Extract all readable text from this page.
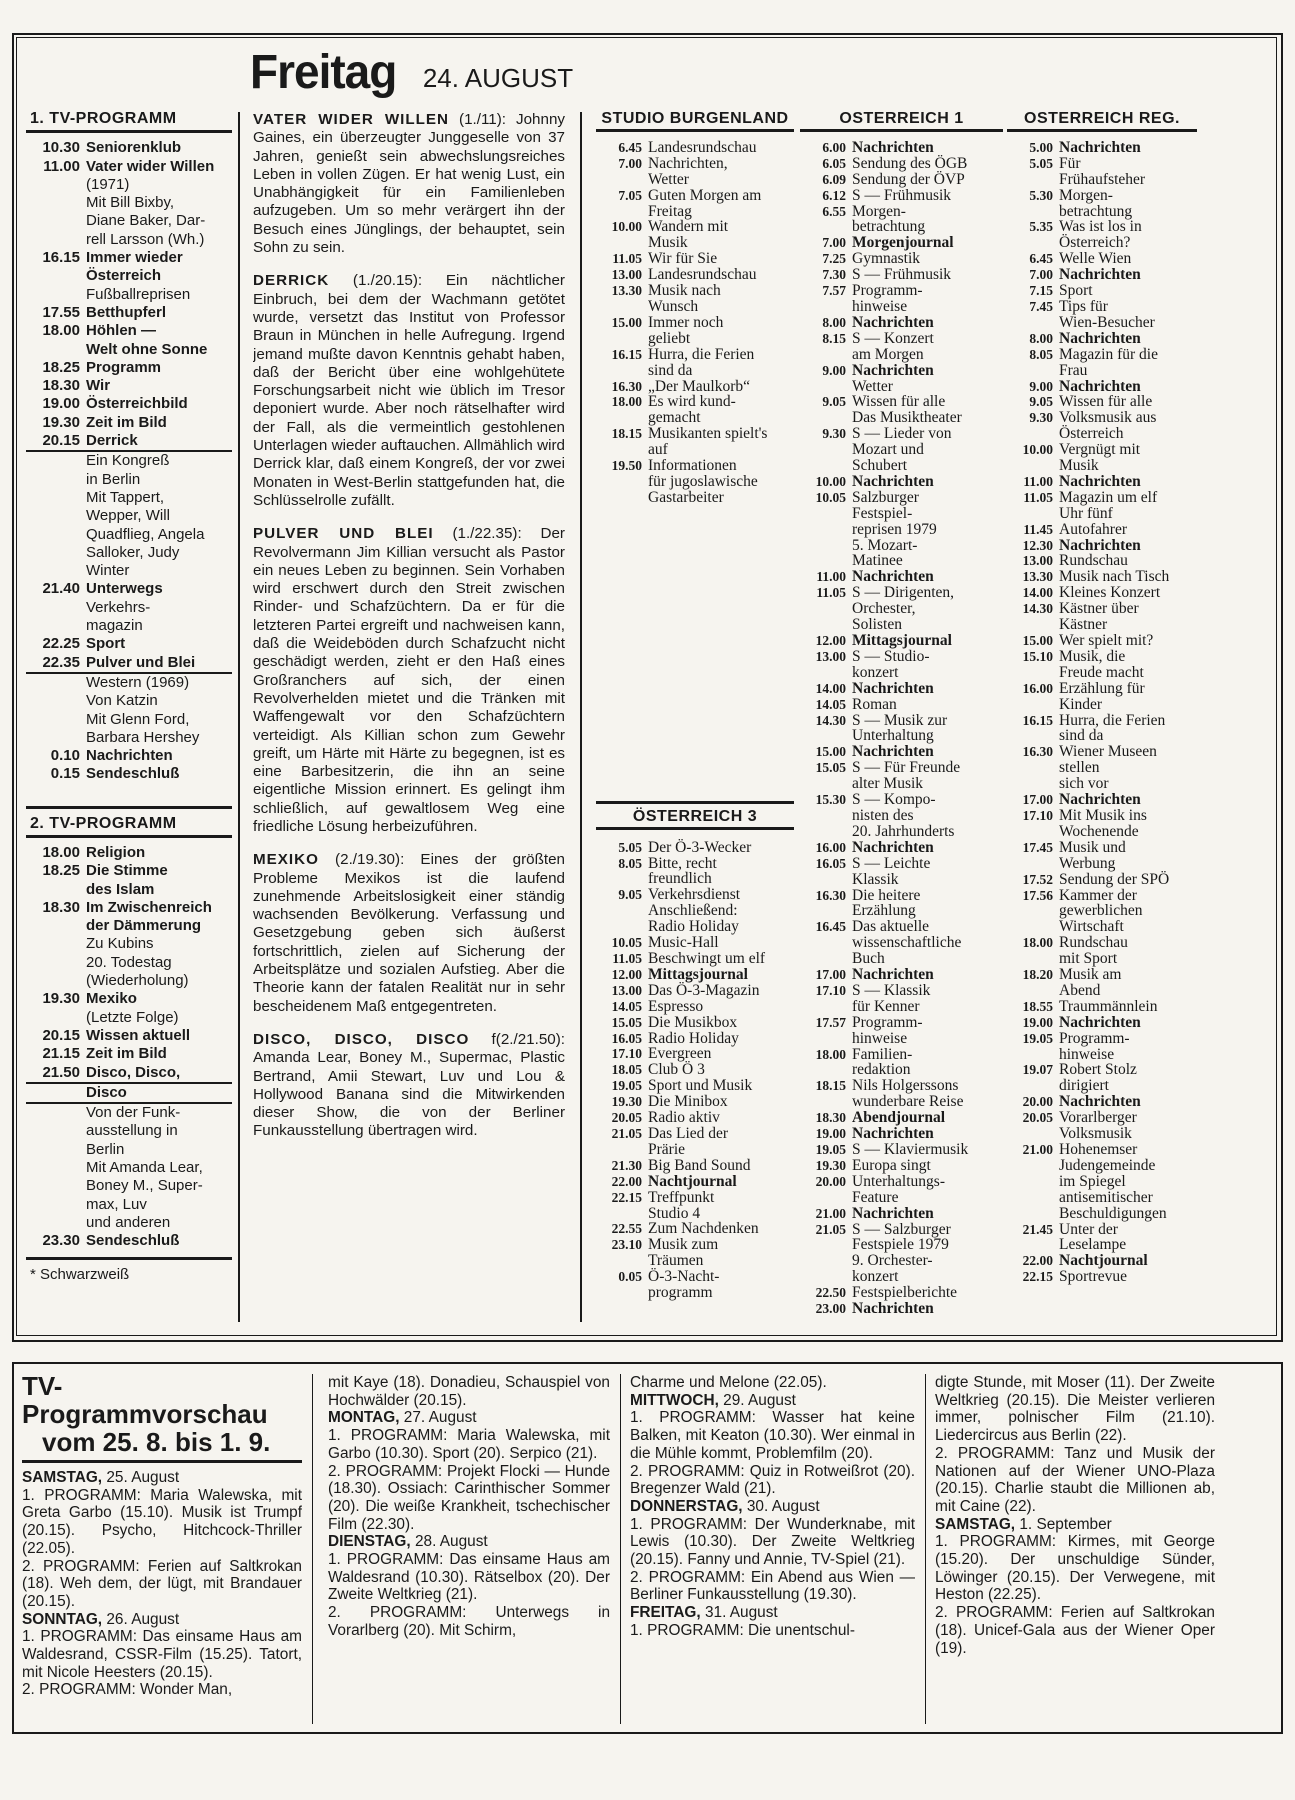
Freitag 24. AUGUST
1. TV-PROGRAMM
10.30 Seniorenklub
11.00 Vater wider Willen
(1971)
Mit Bill Bixby,
Diane Baker, Dar-
rell Larsson (Wh.)
16.15 Immer wieder
Österreich
Fußballreprisen
17.55 Betthupferl
18.00 Höhlen —
Welt ohne Sonne
18.25 Programm
18.30 Wir
19.00 Österreichbild
19.30 Zeit im Bild
20.15 Derrick
Ein Kongreß
in Berlin
Mit Tappert,
Wepper, Will
Quadflieg, Angela
Salloker, Judy
Winter
21.40 Unterwegs
Verkehrs-
magazin
22.25 Sport
22.35 Pulver und Blei
Western (1969)
Von Katzin
Mit Glenn Ford,
Barbara Hershey
0.10 Nachrichten
0.15 Sendeschluß
2. TV-PROGRAMM
18.00 Religion
18.25 Die Stimme
des Islam
18.30 Im Zwischenreich
der Dämmerung
Zu Kubins
20. Todestag
(Wiederholung)
19.30 Mexiko
(Letzte Folge)
20.15 Wissen aktuell
21.15 Zeit im Bild
21.50 Disco, Disco,
Disco
Von der Funk-
ausstellung in
Berlin
Mit Amanda Lear,
Boney M., Super-
max, Luv
und anderen
23.30 Sendeschluß
* Schwarzweiß

VATER WIDER WILLEN (1./11): Johnny Gaines, ein überzeugter Junggeselle von 37 Jahren, genießt sein abwechslungsreiches Leben in vollen Zügen. Er hat wenig Lust, ein Unabhängigkeit für ein Familienleben aufzugeben. Um so mehr verärgert ihn der Besuch eines Jünglings, der behauptet, sein Sohn zu sein.

DERRICK (1./20.15): Ein nächtlicher Einbruch, bei dem der Wachmann getötet wurde, versetzt das Institut von Professor Braun in München in helle Aufregung. Irgend jemand mußte davon Kenntnis gehabt haben, daß der Bericht über eine wohlgehütete Forschungsarbeit nicht wie üblich im Tresor deponiert wurde. Aber noch rätselhafter wird der Fall, als die vermeintlich gestohlenen Unterlagen wieder auftauchen. Allmählich wird Derrick klar, daß einem Kongreß, der vor zwei Monaten in West-Berlin stattgefunden hat, die Schlüsselrolle zufällt.

PULVER UND BLEI (1./22.35): Der Revolvermann Jim Killian versucht als Pastor ein neues Leben zu beginnen. Sein Vorhaben wird erschwert durch den Streit zwischen Rinder- und Schafzüchtern. Da er für die letzteren Partei ergreift und nachweisen kann, daß die Weideböden durch Schafzucht nicht geschädigt werden, zieht er den Haß eines Großranchers auf sich, der einen Revolverhelden mietet und die Tränken mit Waffengewalt vor den Schafzüchtern verteidigt. Als Killian schon zum Gewehr greift, um Härte mit Härte zu begegnen, ist es eine Barbesitzerin, die ihn an seine eigentliche Mission erinnert. Es gelingt ihm schließlich, auf gewaltlosem Weg eine friedliche Lösung herbeizuführen.

MEXIKO (2./19.30): Eines der größten Probleme Mexikos ist die laufend zunehmende Arbeitslosigkeit einer ständig wachsenden Bevölkerung. Verfassung und Gesetzgebung geben sich äußerst fortschrittlich, zielen auf Sicherung der Arbeitsplätze und sozialen Aufstieg. Aber die Theorie kann der fatalen Realität nur in sehr bescheidenem Maß entgegentreten.

DISCO, DISCO, DISCO f(2./21.50): Amanda Lear, Boney M., Supermac, Plastic Bertrand, Amii Stewart, Luv und Lou & Hollywood Banana sind die Mitwirkenden dieser Show, die von der Berliner Funkausstellung übertragen wird.

STUDIO BURGENLAND
6.45 Landesrundschau
7.00 Nachrichten,
Wetter
7.05 Guten Morgen am
Freitag
10.00 Wandern mit
Musik
11.05 Wir für Sie
13.00 Landesrundschau
13.30 Musik nach
Wunsch
15.00 Immer noch
geliebt
16.15 Hurra, die Ferien
sind da
16.30 „Der Maulkorb“
18.00 Es wird kund-
gemacht
18.15 Musikanten spielt's
auf
19.50 Informationen
für jugoslawische
Gastarbeiter
ÖSTERREICH 3
5.05 Der Ö-3-Wecker
8.05 Bitte, recht
freundlich
9.05 Verkehrsdienst
Anschließend:
Radio Holiday
10.05 Music-Hall
11.05 Beschwingt um elf
12.00 Mittagsjournal
13.00 Das Ö-3-Magazin
14.05 Espresso
15.05 Die Musikbox
16.05 Radio Holiday
17.10 Evergreen
18.05 Club Ö 3
19.05 Sport und Musik
19.30 Die Minibox
20.05 Radio aktiv
21.05 Das Lied der
Prärie
21.30 Big Band Sound
22.00 Nachtjournal
22.15 Treffpunkt
Studio 4
22.55 Zum Nachdenken
23.10 Musik zum
Träumen
0.05 Ö-3-Nacht-
programm
ÖSTERREICH 1
6.00 Nachrichten
6.05 Sendung des ÖGB
6.09 Sendung der ÖVP
6.12 S — Frühmusik
6.55 Morgen-
betrachtung
7.00 Morgenjournal
7.25 Gymnastik
7.30 S — Frühmusik
7.57 Programm-
hinweise
8.00 Nachrichten
8.15 S — Konzert
am Morgen
9.00 Nachrichten
Wetter
9.05 Wissen für alle
Das Musiktheater
9.30 S — Lieder von
Mozart und
Schubert
10.00 Nachrichten
10.05 Salzburger
Festspiel-
reprisen 1979
5. Mozart-
Matinee
11.00 Nachrichten
11.05 S — Dirigenten,
Orchester,
Solisten
12.00 Mittagsjournal
13.00 S — Studio-
konzert
14.00 Nachrichten
14.05 Roman
14.30 S — Musik zur
Unterhaltung
15.00 Nachrichten
15.05 S — Für Freunde
alter Musik
15.30 S — Kompo-
nisten des
20. Jahrhunderts
16.00 Nachrichten
16.05 S — Leichte
Klassik
16.30 Die heitere
Erzählung
16.45 Das aktuelle
wissenschaftliche
Buch
17.00 Nachrichten
17.10 S — Klassik
für Kenner
17.57 Programm-
hinweise
18.00 Familien-
redaktion
18.15 Nils Holgerssons
wunderbare Reise
18.30 Abendjournal
19.00 Nachrichten
19.05 S — Klaviermusik
19.30 Europa singt
20.00 Unterhaltungs-
Feature
21.00 Nachrichten
21.05 S — Salzburger
Festspiele 1979
9. Orchester-
konzert
22.50 Festspielberichte
23.00 Nachrichten
ÖSTERREICH REG.
5.00 Nachrichten
5.05 Für
Frühaufsteher
5.30 Morgen-
betrachtung
5.35 Was ist los in
Österreich?
6.45 Welle Wien
7.00 Nachrichten
7.15 Sport
7.45 Tips für
Wien-Besucher
8.00 Nachrichten
8.05 Magazin für die
Frau
9.00 Nachrichten
9.05 Wissen für alle
9.30 Volksmusik aus
Österreich
10.00 Vergnügt mit
Musik
11.00 Nachrichten
11.05 Magazin um elf
Uhr fünf
11.45 Autofahrer
12.30 Nachrichten
13.00 Rundschau
13.30 Musik nach Tisch
14.00 Kleines Konzert
14.30 Kästner über
Kästner
15.00 Wer spielt mit?
15.10 Musik, die
Freude macht
16.00 Erzählung für
Kinder
16.15 Hurra, die Ferien
sind da
16.30 Wiener Museen
stellen
sich vor
17.00 Nachrichten
17.10 Mit Musik ins
Wochenende
17.45 Musik und
Werbung
17.52 Sendung der SPÖ
17.56 Kammer der
gewerblichen
Wirtschaft
18.00 Rundschau
mit Sport
18.20 Musik am
Abend
18.55 Traummännlein
19.00 Nachrichten
19.05 Programm-
hinweise
19.07 Robert Stolz
dirigiert
20.00 Nachrichten
20.05 Vorarlberger
Volksmusik
21.00 Hohenemser
Judengemeinde
im Spiegel
antisemitischer
Beschuldigungen
21.45 Unter der
Leselampe
22.00 Nachtjournal
22.15 Sportrevue
TV-Programmvorschau
vom 25. 8. bis 1. 9.

SAMSTAG, 25. August

1. PROGRAMM: Maria Walewska, mit Greta Garbo (15.10). Musik ist Trumpf (20.15). Psycho, Hitchcock-Thriller (22.05).

2. PROGRAMM: Ferien auf Saltkrokan (18). Weh dem, der lügt, mit Brandauer (20.15).

SONNTAG, 26. August

1. PROGRAMM: Das einsame Haus am Waldesrand, CSSR-Film (15.25). Tatort, mit Nicole Heesters (20.15).

2. PROGRAMM: Wonder Man,

mit Kaye (18). Donadieu, Schauspiel von Hochwälder (20.15).

MONTAG, 27. August

1. PROGRAMM: Maria Walewska, mit Garbo (10.30). Sport (20). Serpico (21).

2. PROGRAMM: Projekt Flocki — Hunde (18.30). Ossiach: Carinthischer Sommer (20). Die weiße Krankheit, tschechischer Film (22.30).

DIENSTAG, 28. August

1. PROGRAMM: Das einsame Haus am Waldesrand (10.30). Rätselbox (20). Der Zweite Weltkrieg (21).

2. PROGRAMM: Unterwegs in Vorarlberg (20). Mit Schirm,

Charme und Melone (22.05).

MITTWOCH, 29. August

1. PROGRAMM: Wasser hat keine Balken, mit Keaton (10.30). Wer einmal in die Mühle kommt, Problemfilm (20).

2. PROGRAMM: Quiz in Rotweißrot (20). Bregenzer Wald (21).

DONNERSTAG, 30. August

1. PROGRAMM: Der Wunderknabe, mit Lewis (10.30). Der Zweite Weltkrieg (20.15). Fanny und Annie, TV-Spiel (21).

2. PROGRAMM: Ein Abend aus Wien — Berliner Funkausstellung (19.30).

FREITAG, 31. August

1. PROGRAMM: Die unentschul-

digte Stunde, mit Moser (11). Der Zweite Weltkrieg (20.15). Die Meister verlieren immer, polnischer Film (21.10). Liedercircus aus Berlin (22).

2. PROGRAMM: Tanz und Musik der Nationen auf der Wiener UNO-Plaza (20.15). Charlie staubt die Millionen ab, mit Caine (22).

SAMSTAG, 1. September

1. PROGRAMM: Kirmes, mit George (15.20). Der unschuldige Sünder, Löwinger (20.15). Der Verwegene, mit Heston (22.25).

2. PROGRAMM: Ferien auf Saltkrokan (18). Unicef-Gala aus der Wiener Oper (19).
